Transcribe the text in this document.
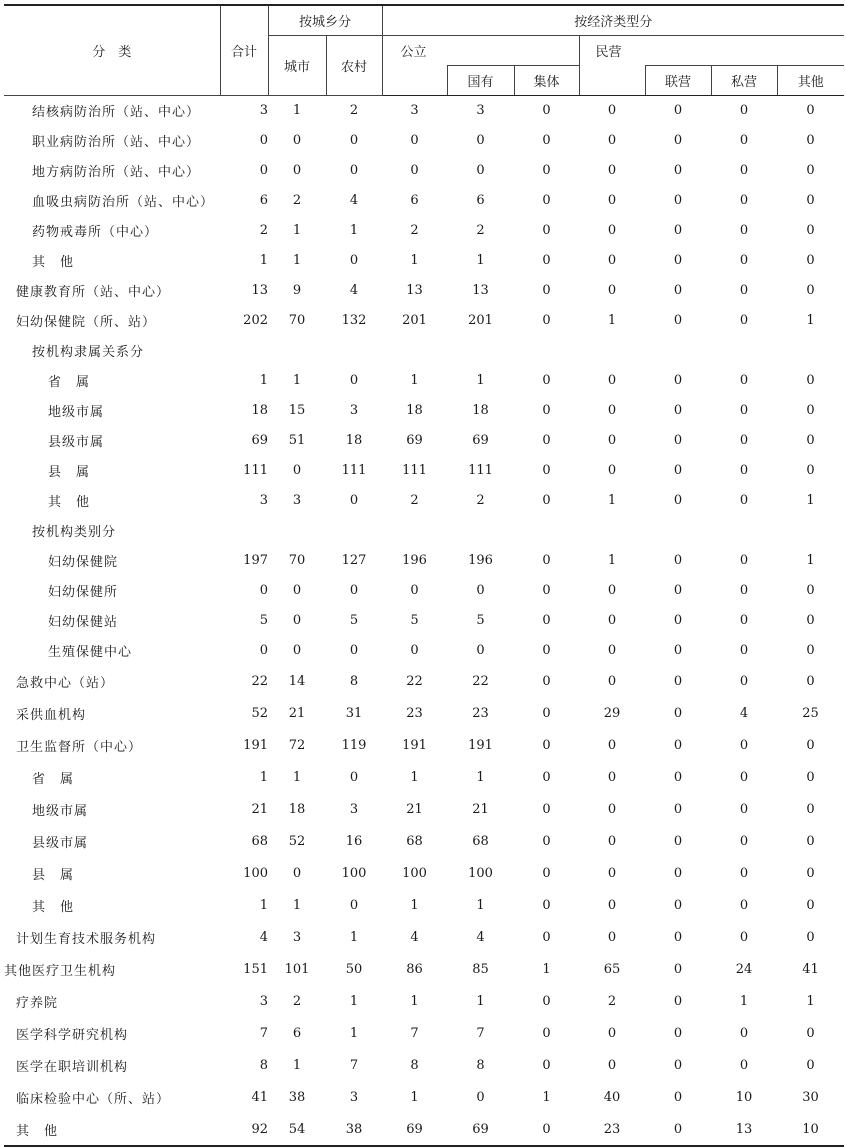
分　类	合计	按城乡分		按经济类型分						
		城市	农村	公立			民营			
					国有	集体		联营	私营	其他
结核病防治所（站、中心）	3	1	2	3	3	0	0	0	0	0
职业病防治所（站、中心）	0	0	0	0	0	0	0	0	0	0
地方病防治所（站、中心）	0	0	0	0	0	0	0	0	0	0
血吸虫病防治所（站、中心）	6	2	4	6	6	0	0	0	0	0
药物戒毒所（中心）	2	1	1	2	2	0	0	0	0	0
其　他	1	1	0	1	1	0	0	0	0	0
健康教育所（站、中心）	13	9	4	13	13	0	0	0	0	0
妇幼保健院（所、站）	202	70	132	201	201	0	1	0	0	1
按机构隶属关系分										
省　属	1	1	0	1	1	0	0	0	0	0
地级市属	18	15	3	18	18	0	0	0	0	0
县级市属	69	51	18	69	69	0	0	0	0	0
县　属	111	0	111	111	111	0	0	0	0	0
其　他	3	3	0	2	2	0	1	0	0	1
按机构类别分										
妇幼保健院	197	70	127	196	196	0	1	0	0	1
妇幼保健所	0	0	0	0	0	0	0	0	0	0
妇幼保健站	5	0	5	5	5	0	0	0	0	0
生殖保健中心	0	0	0	0	0	0	0	0	0	0
急救中心（站）	22	14	8	22	22	0	0	0	0	0
采供血机构	52	21	31	23	23	0	29	0	4	25
卫生监督所（中心）	191	72	119	191	191	0	0	0	0	0
省　属	1	1	0	1	1	0	0	0	0	0
地级市属	21	18	3	21	21	0	0	0	0	0
县级市属	68	52	16	68	68	0	0	0	0	0
县　属	100	0	100	100	100	0	0	0	0	0
其　他	1	1	0	1	1	0	0	0	0	0
计划生育技术服务机构	4	3	1	4	4	0	0	0	0	0
其他医疗卫生机构	151	101	50	86	85	1	65	0	24	41
疗养院	3	2	1	1	1	0	2	0	1	1
医学科学研究机构	7	6	1	7	7	0	0	0	0	0
医学在职培训机构	8	1	7	8	8	0	0	0	0	0
临床检验中心（所、站）	41	38	3	1	0	1	40	0	10	30
其　他	92	54	38	69	69	0	23	0	13	10
